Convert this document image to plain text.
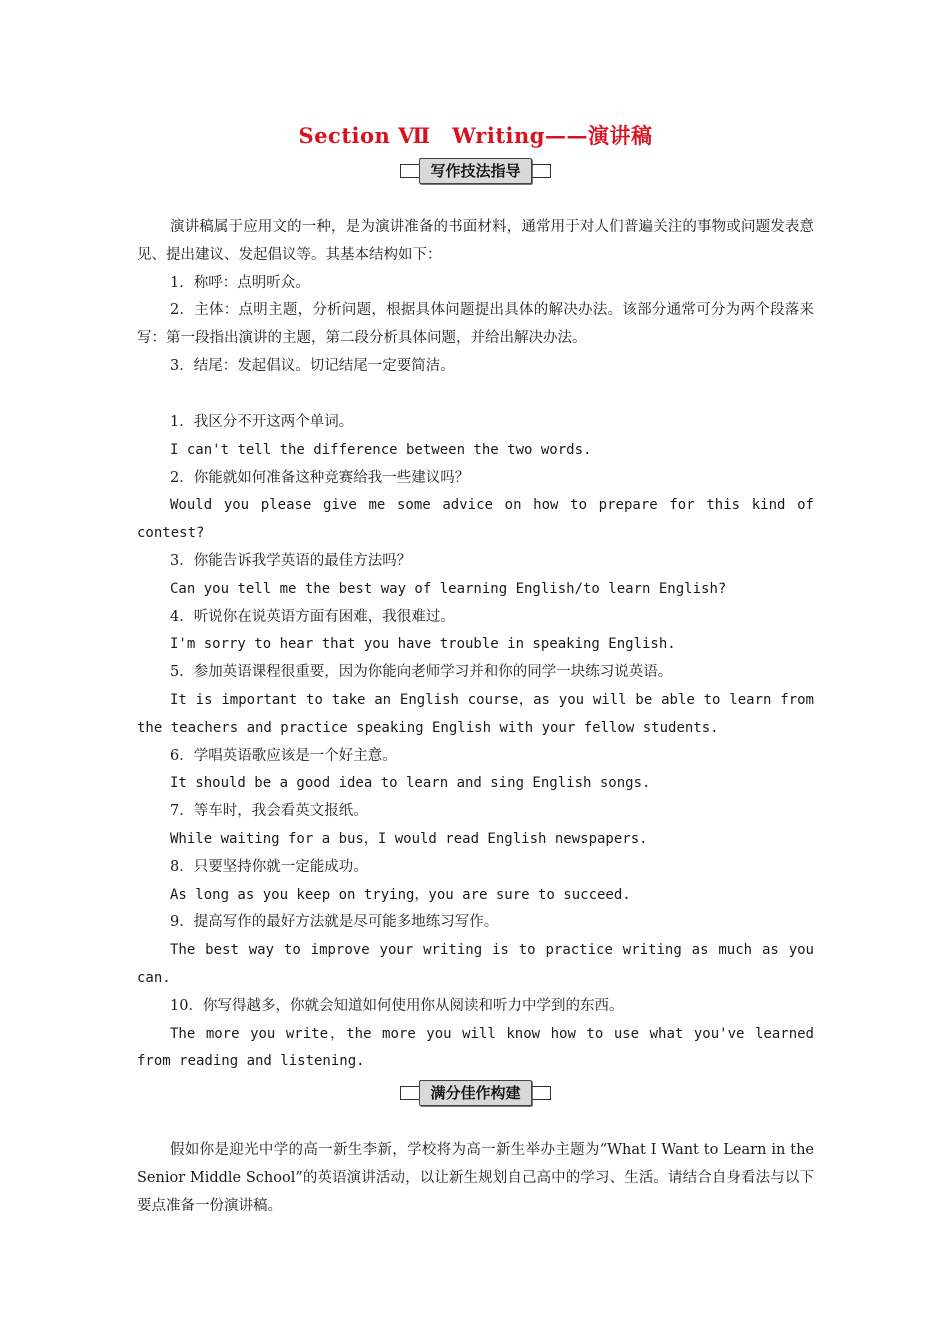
Section Ⅶ　Writing——演讲稿
写作技法指导

演讲稿属于应用文的一种，是为演讲准备的书面材料，通常用于对人们普遍关注的事物或问题发表意见、提出建议、发起倡议等。其基本结构如下：

1．称呼：点明听众。

2．主体：点明主题，分析问题，根据具体问题提出具体的解决办法。该部分通常可分为两个段落来写：第一段指出演讲的主题，第二段分析具体问题，并给出解决办法。

3．结尾：发起倡议。切记结尾一定要简洁。

1．我区分不开这两个单词。

I can't tell the difference between the two words.

2．你能就如何准备这种竞赛给我一些建议吗？

Would you please give me some advice on how to prepare for this kind of contest?

3．你能告诉我学英语的最佳方法吗？

Can you tell me the best way of learning English/to learn English?

4．听说你在说英语方面有困难，我很难过。

I'm sorry to hear that you have trouble in speaking English.

5．参加英语课程很重要，因为你能向老师学习并和你的同学一块练习说英语。

It is important to take an English course，as you will be able to learn from the teachers and practice speaking English with your fellow students.

6．学唱英语歌应该是一个好主意。

It should be a good idea to learn and sing English songs.

7．等车时，我会看英文报纸。

While waiting for a bus，I would read English newspapers.

8．只要坚持你就一定能成功。

As long as you keep on trying，you are sure to succeed.

9．提高写作的最好方法就是尽可能多地练习写作。

The best way to improve your writing is to practice writing as much as you can.

10．你写得越多，你就会知道如何使用你从阅读和听力中学到的东西。

The more you write，the more you will know how to use what you've learned from reading and listening.

满分佳作构建

假如你是迎光中学的高一新生李新，学校将为高一新生举办主题为“What I Want to Learn in the Senior Middle School”的英语演讲活动，以让新生规划自己高中的学习、生活。请结合自身看法与以下要点准备一份演讲稿。
